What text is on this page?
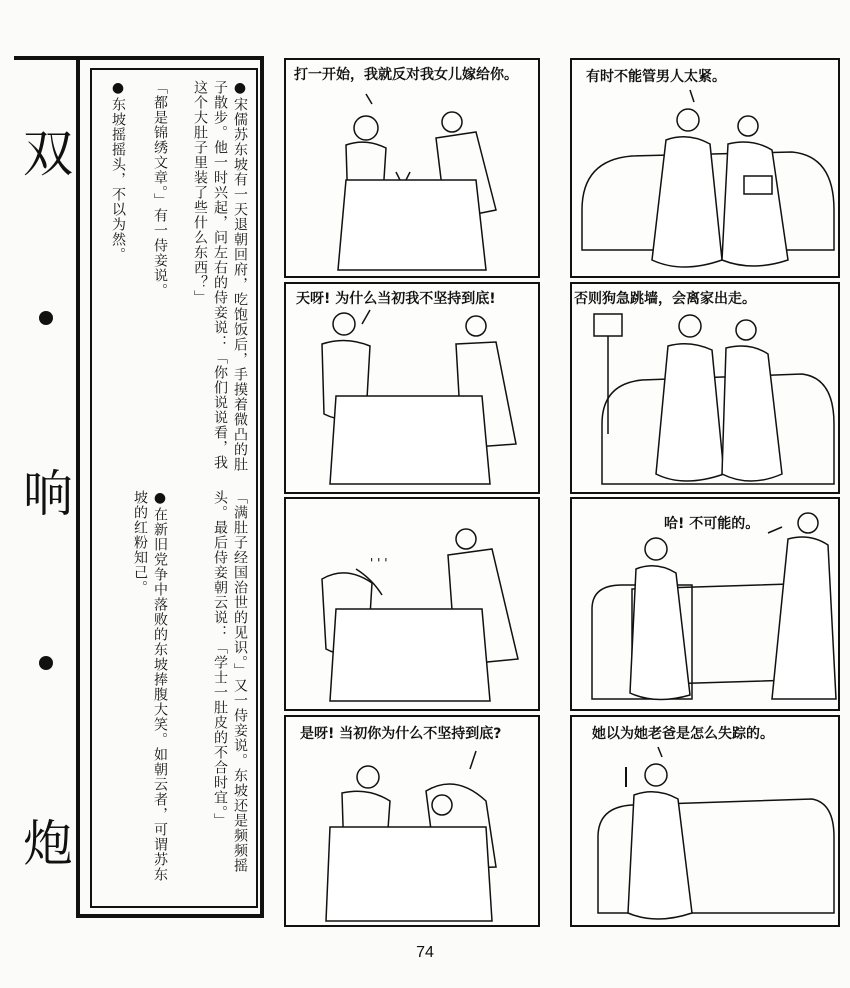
双
响
炮
●宋儒苏东坡有一天退朝回府，吃饱饭后，手摸着微凸的肚子散步。他一时兴起，问左右的侍妾说：「你们说说看，我这个大肚子里装了些什么东西？」
「都是锦绣文章。」有一侍妾说。
●东坡摇摇头，不以为然。
「满肚子经国治世的见识。」又一侍妾说。东坡还是频频摇头。最后侍妾朝云说：「学士一肚皮的不合时宜。」
●在新旧党争中落败的东坡捧腹大笑。如朝云者，可谓苏东坡的红粉知己。
打一开始，我就反对我女儿嫁给你。
天呀! 为什么当初我不坚持到底!
' ' '
是呀! 当初你为什么不坚持到底?
有时不能管男人太紧。
否则狗急跳墙，会离家出走。
哈! 不可能的。
她以为她老爸是怎么失踪的。
74
